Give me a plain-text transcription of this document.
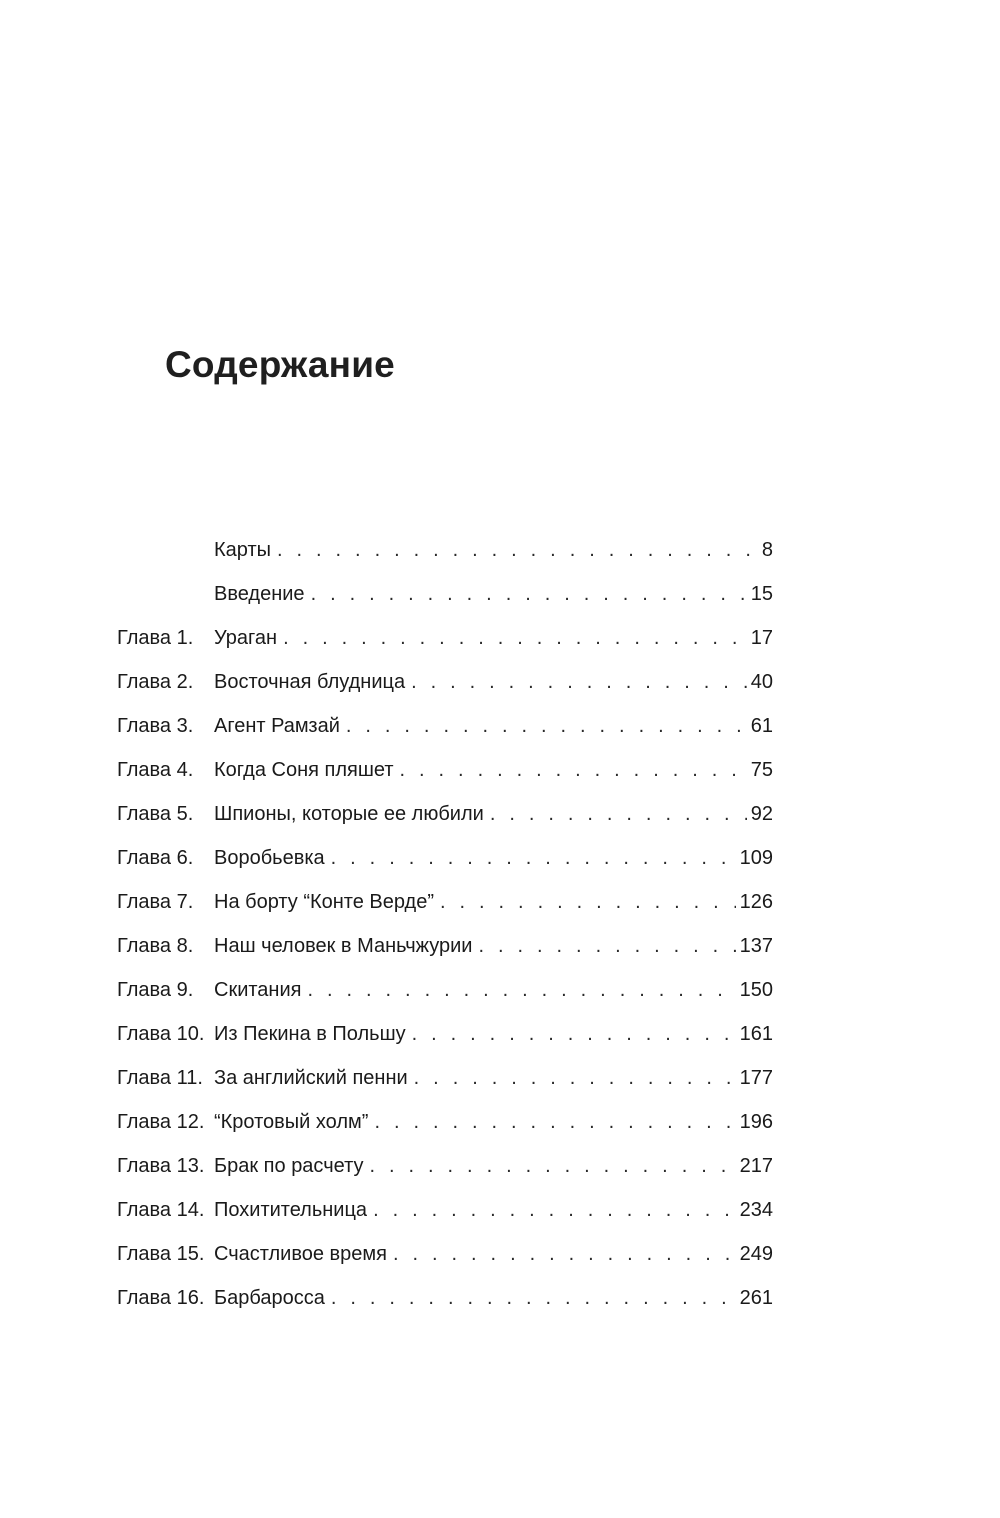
Содержание
Карты . . .	8
Введение . . .	15
Глава 1.	Ураган . . .	17
Глава 2.	Восточная блудница . . .	40
Глава 3.	Агент Рамзай . . .	61
Глава 4.	Когда Соня пляшет . . .	75
Глава 5.	Шпионы, которые ее любили . . .	92
Глава 6.	Воробьевка . . .	109
Глава 7.	На борту “Конте Верде” . . .	126
Глава 8.	Наш человек в Маньчжурии . . .	137
Глава 9.	Скитания . . .	150
Глава 10. Из Пекина в Польшу . . .	161
Глава 11. За английский пенни . . .	177
Глава 12. “Кротовый холм” . . .	196
Глава 13. Брак по расчету . . .	217
Глава 14. Похитительница . . .	234
Глава 15. Счастливое время . . .	249
Глава 16. Барбаросса . . .	261
